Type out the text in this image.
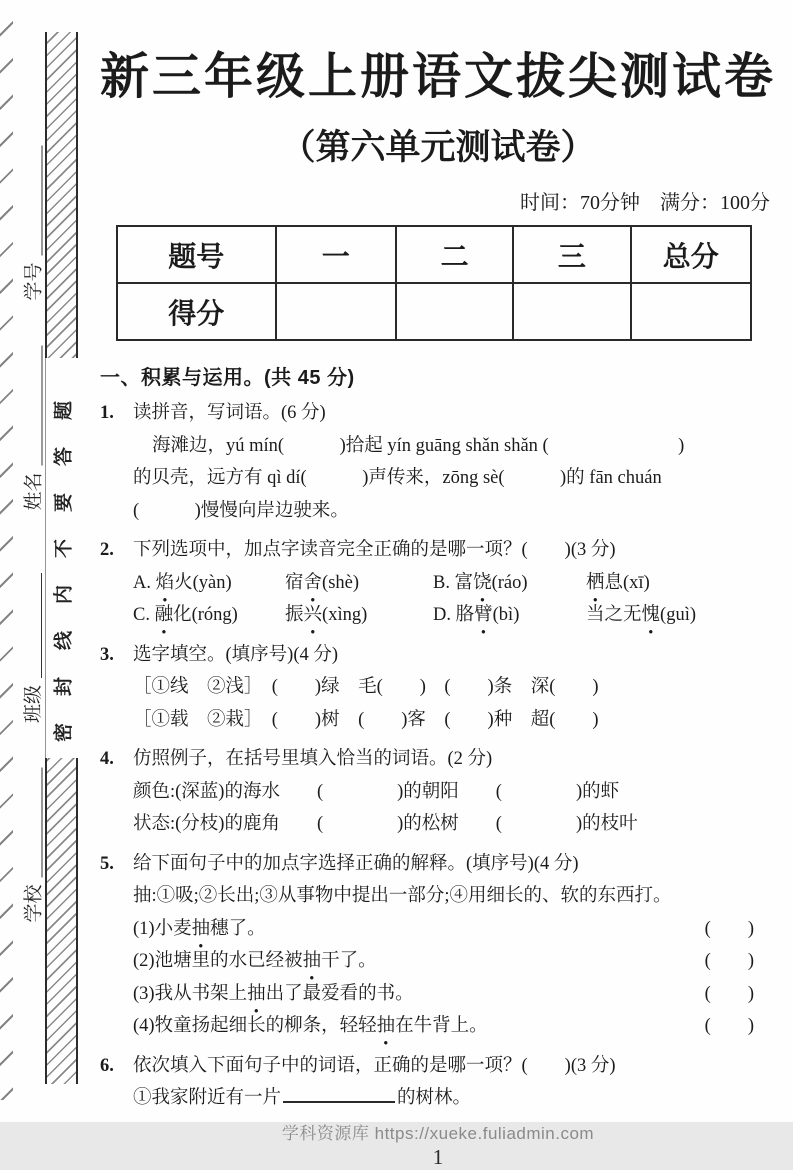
密封线内不要答题
学号
姓名
班级
学校
新三年级上册语文拔尖测试卷
（第六单元测试卷）
时间：70分钟　满分：100分
题号	一	二	三	总分
得分				
一、积累与运用。(共 45 分)
1.	读拼音，写词语。(6 分)
海滩边，yú mín(　　　)拾起 yín guāng shǎn shǎn (　　　　　　　)
的贝壳，远方有 qì dí(　　　)声传来，zōng sè(　　　)的 fān chuán
(　　　)慢慢向岸边驶来。
2.	下列选项中，加点字读音完全正确的是哪一项？(　　)(3 分)
A. 焰火(yàn)	宿舍(shè)	B. 富饶(ráo)	栖息(xī)
C. 融化(róng)	振兴(xìng)	D. 胳臂(bì)	当之无愧(guì)
3.	选字填空。(填序号)(4 分)
［①线　②浅］　(　　)绿　毛(　　)　(　　)条　深(　　)
［①载　②栽］　(　　)树　(　　)客　(　　)种　超(　　)
4.	仿照例子，在括号里填入恰当的词语。(2 分)
颜色:(深蓝)的海水　　(　　　　)的朝阳　　(　　　　)的虾
状态:(分枝)的鹿角　　(　　　　)的松树　　(　　　　)的枝叶
5.	给下面句子中的加点字选择正确的解释。(填序号)(4 分)
抽:①吸;②长出;③从事物中提出一部分;④用细长的、软的东西打。
(1)小麦抽穗了。	(　　)
(2)池塘里的水已经被抽干了。	(　　)
(3)我从书架上抽出了最爱看的书。	(　　)
(4)牧童扬起细长的柳条，轻轻抽在牛背上。	(　　)
6.	依次填入下面句子中的词语，正确的是哪一项？(　　)(3 分)
①我家附近有一片	的树林。
学科资源库 https://xueke.fuliadmin.com
1
